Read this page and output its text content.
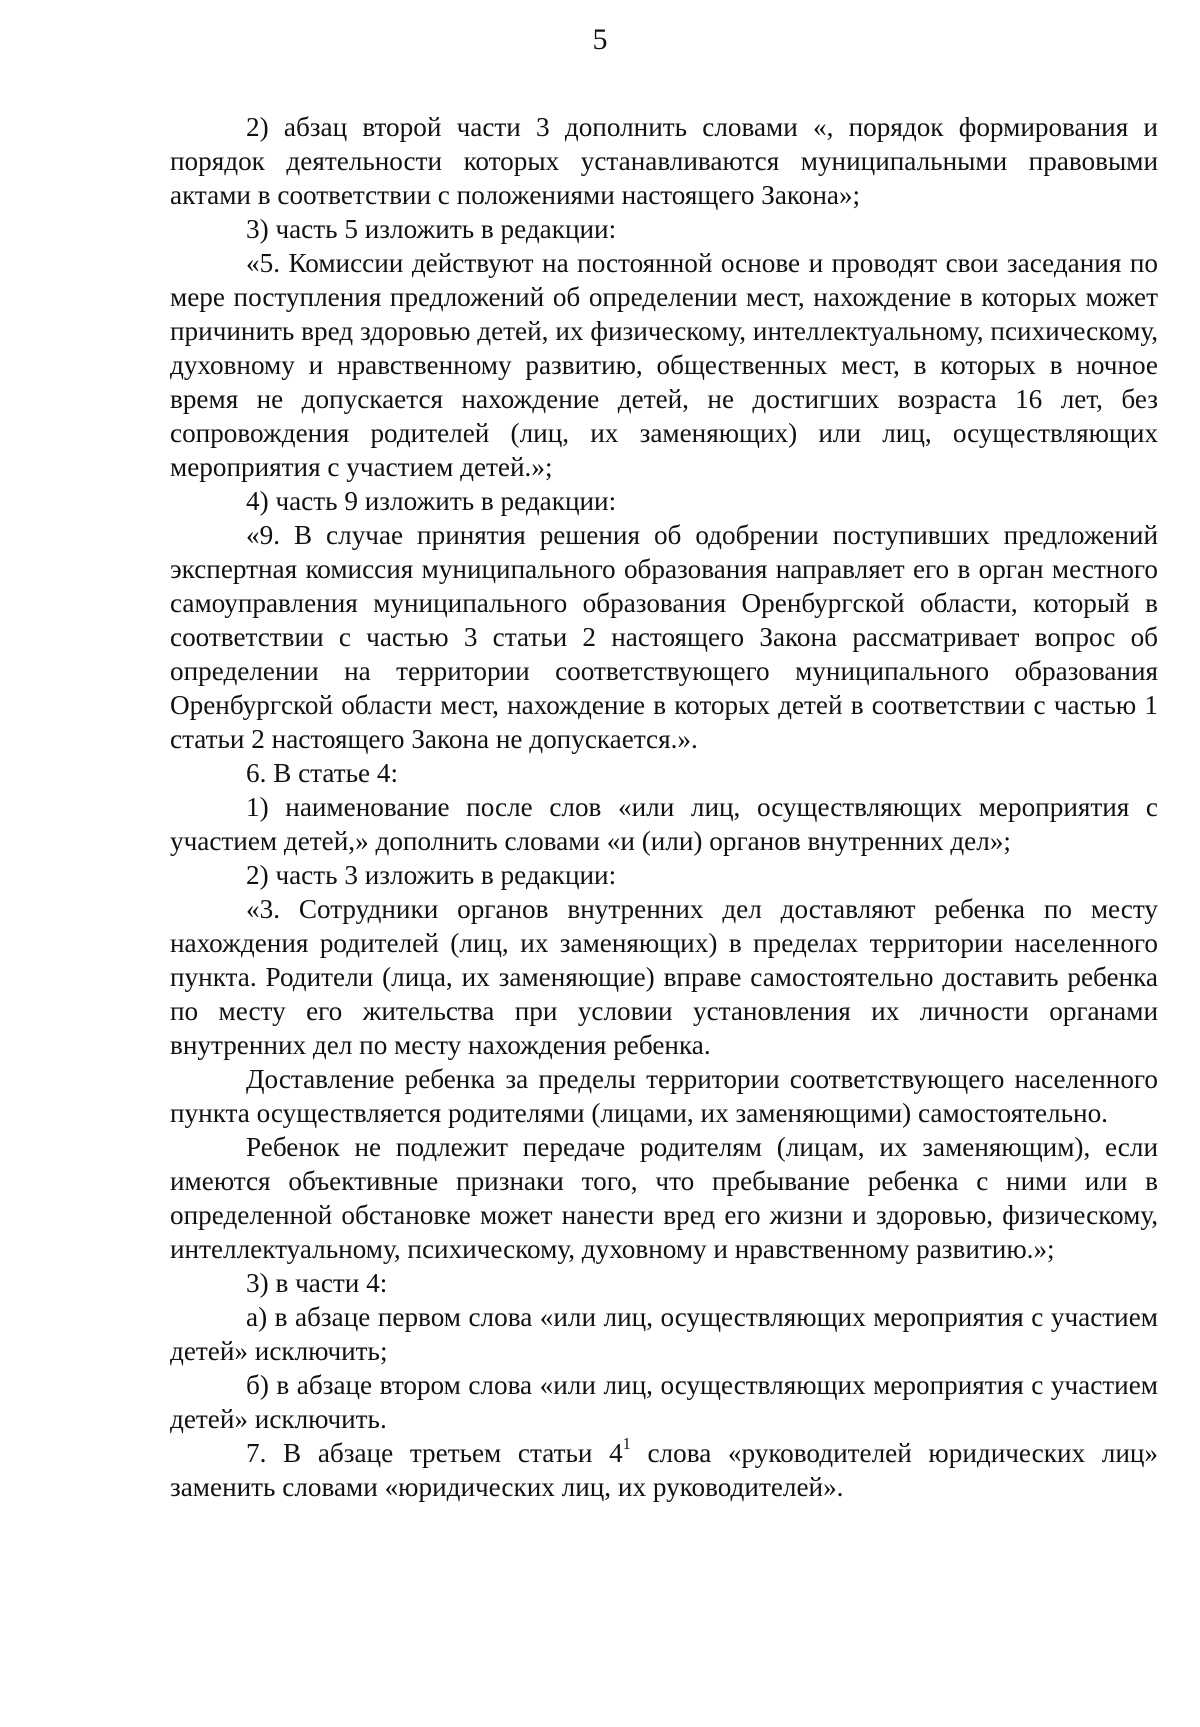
5

2) абзац второй части 3 дополнить словами «, порядок формирования и порядок деятельности которых устанавливаются муниципальными правовыми актами в соответствии с положениями настоящего Закона»;

3) часть 5 изложить в редакции:

«5. Комиссии действуют на постоянной основе и проводят свои заседания по мере поступления предложений об определении мест, нахождение в которых может причинить вред здоровью детей, их физическому, интеллектуальному, психическому, духовному и нравственному развитию, общественных мест, в которых в ночное время не допускается нахождение детей, не достигших возраста 16 лет, без сопровождения родителей (лиц, их заменяющих) или лиц, осуществляющих мероприятия с участием детей.»;

4) часть 9 изложить в редакции:

«9. В случае принятия решения об одобрении поступивших предложений экспертная комиссия муниципального образования направляет его в орган местного самоуправления муниципального образования Оренбургской области, который в соответствии с частью 3 статьи 2 настоящего Закона рассматривает вопрос об определении на территории соответствующего муниципального образования Оренбургской области мест, нахождение в которых детей в соответствии с частью 1 статьи 2 настоящего Закона не допускается.».

6. В статье 4:

1) наименование после слов «или лиц, осуществляющих мероприятия с участием детей,» дополнить словами «и (или) органов внутренних дел»;

2) часть 3 изложить в редакции:

«3. Сотрудники органов внутренних дел доставляют ребенка по месту нахождения родителей (лиц, их заменяющих) в пределах территории населенного пункта. Родители (лица, их заменяющие) вправе самостоятельно доставить ребенка по месту его жительства при условии установления их личности органами внутренних дел по месту нахождения ребенка.

Доставление ребенка за пределы территории соответствующего населенного пункта осуществляется родителями (лицами, их заменяющими) самостоятельно.

Ребенок не подлежит передаче родителям (лицам, их заменяющим), если имеются объективные признаки того, что пребывание ребенка с ними или в определенной обстановке может нанести вред его жизни и здоровью, физическому, интеллектуальному, психическому, духовному и нравственному развитию.»;

3) в части 4:

а) в абзаце первом слова «или лиц, осуществляющих мероприятия с участием детей» исключить;

б) в абзаце втором слова «или лиц, осуществляющих мероприятия с участием детей» исключить.

7. В абзаце третьем статьи $4^1$ слова «руководителей юридических лиц» заменить словами «юридических лиц, их руководителей».
